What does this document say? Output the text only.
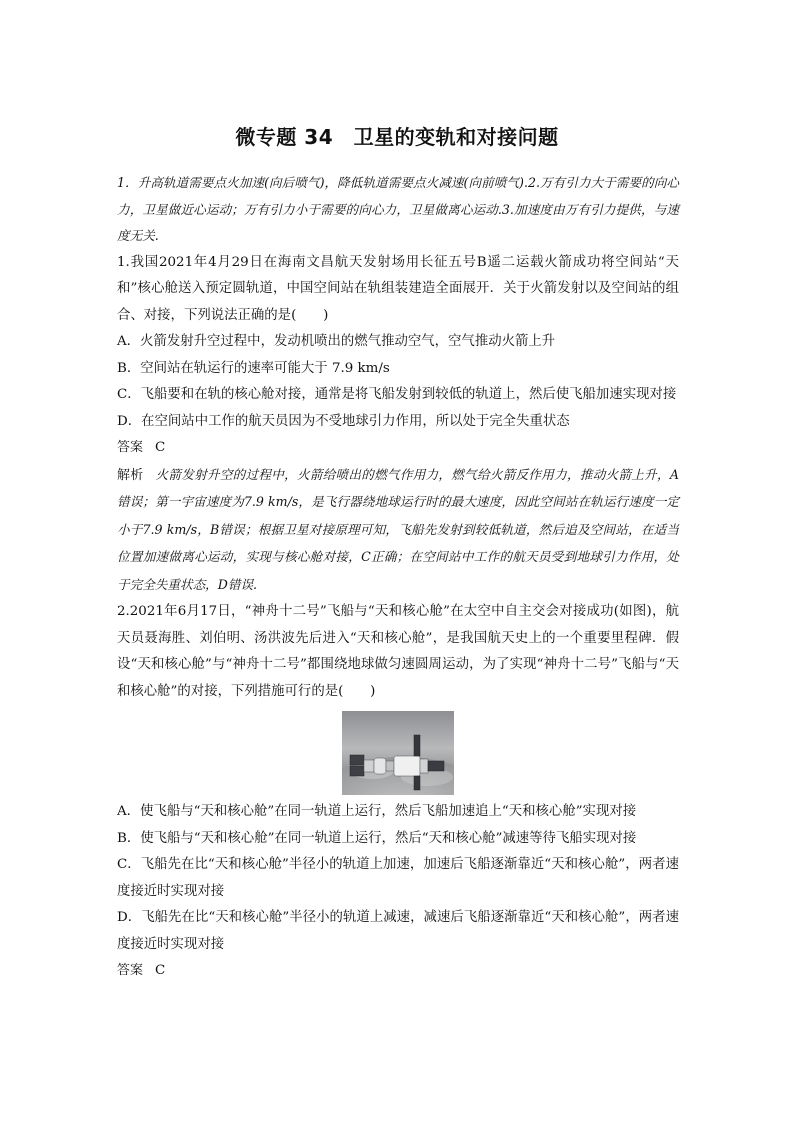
微专题 34　卫星的变轨和对接问题

1．升高轨道需要点火加速(向后喷气)，降低轨道需要点火减速(向前喷气).2.万有引力大于需要的向心力，卫星做近心运动；万有引力小于需要的向心力，卫星做离心运动.3.加速度由万有引力提供，与速度无关.

1.我国2021年4月29日在海南文昌航天发射场用长征五号B遥二运载火箭成功将空间站“天和”核心舱送入预定圆轨道，中国空间站在轨组装建造全面展开．关于火箭发射以及空间站的组合、对接，下列说法正确的是(　　)

A．火箭发射升空过程中，发动机喷出的燃气推动空气，空气推动火箭上升

B．空间站在轨运行的速率可能大于 7.9 km/s

C．飞船要和在轨的核心舱对接，通常是将飞船发射到较低的轨道上，然后使飞船加速实现对接

D．在空间站中工作的航天员因为不受地球引力作用，所以处于完全失重状态

答案 C

解析 火箭发射升空的过程中，火箭给喷出的燃气作用力，燃气给火箭反作用力，推动火箭上升，A错误；第一宇宙速度为7.9 km/s，是飞行器绕地球运行时的最大速度，因此空间站在轨运行速度一定小于7.9 km/s，B错误；根据卫星对接原理可知，飞船先发射到较低轨道，然后追及空间站，在适当位置加速做离心运动，实现与核心舱对接，C正确；在空间站中工作的航天员受到地球引力作用，处于完全失重状态，D错误.

2.2021年6月17日，“神舟十二号”飞船与“天和核心舱”在太空中自主交会对接成功(如图)，航天员聂海胜、刘伯明、汤洪波先后进入“天和核心舱”，是我国航天史上的一个重要里程碑．假设“天和核心舱”与“神舟十二号”都围绕地球做匀速圆周运动，为了实现“神舟十二号”飞船与“天和核心舱”的对接，下列措施可行的是(　　)

A．使飞船与“天和核心舱”在同一轨道上运行，然后飞船加速追上“天和核心舱”实现对接

B．使飞船与“天和核心舱”在同一轨道上运行，然后“天和核心舱”减速等待飞船实现对接

C．飞船先在比“天和核心舱”半径小的轨道上加速，加速后飞船逐渐靠近“天和核心舱”，两者速度接近时实现对接

D．飞船先在比“天和核心舱”半径小的轨道上减速，减速后飞船逐渐靠近“天和核心舱”，两者速度接近时实现对接

答案 C
